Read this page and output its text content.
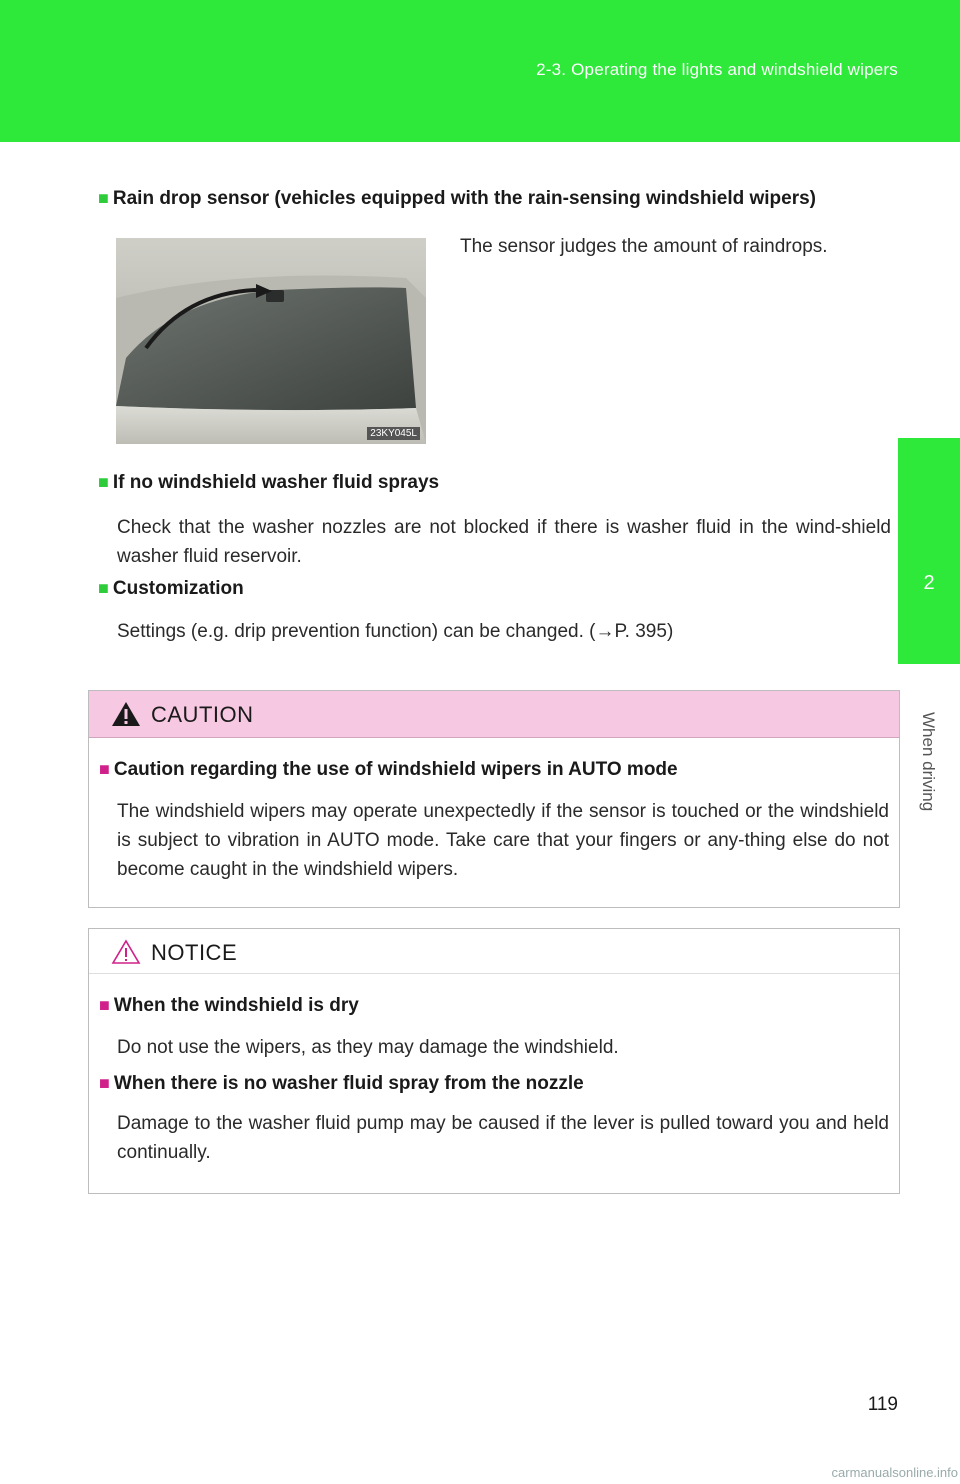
2-3. Operating the lights and windshield wipers
2
When driving
■ Rain drop sensor (vehicles equipped with the rain-sensing windshield wipers)
23KY045L
The sensor judges the amount of raindrops.
■ If no windshield washer fluid sprays
Check that the washer nozzles are not blocked if there is washer fluid in the wind-shield washer fluid reservoir.
■ Customization
Settings (e.g. drip prevention function) can be changed. (→P. 395)
CAUTION
■ Caution regarding the use of windshield wipers in AUTO mode
The windshield wipers may operate unexpectedly if the sensor is touched or the windshield is subject to vibration in AUTO mode. Take care that your fingers or any-thing else do not become caught in the windshield wipers.
NOTICE
■ When the windshield is dry
Do not use the wipers, as they may damage the windshield.
■ When there is no washer fluid spray from the nozzle
Damage to the washer fluid pump may be caused if the lever is pulled toward you and held continually.
119
carmanualsonline.info
